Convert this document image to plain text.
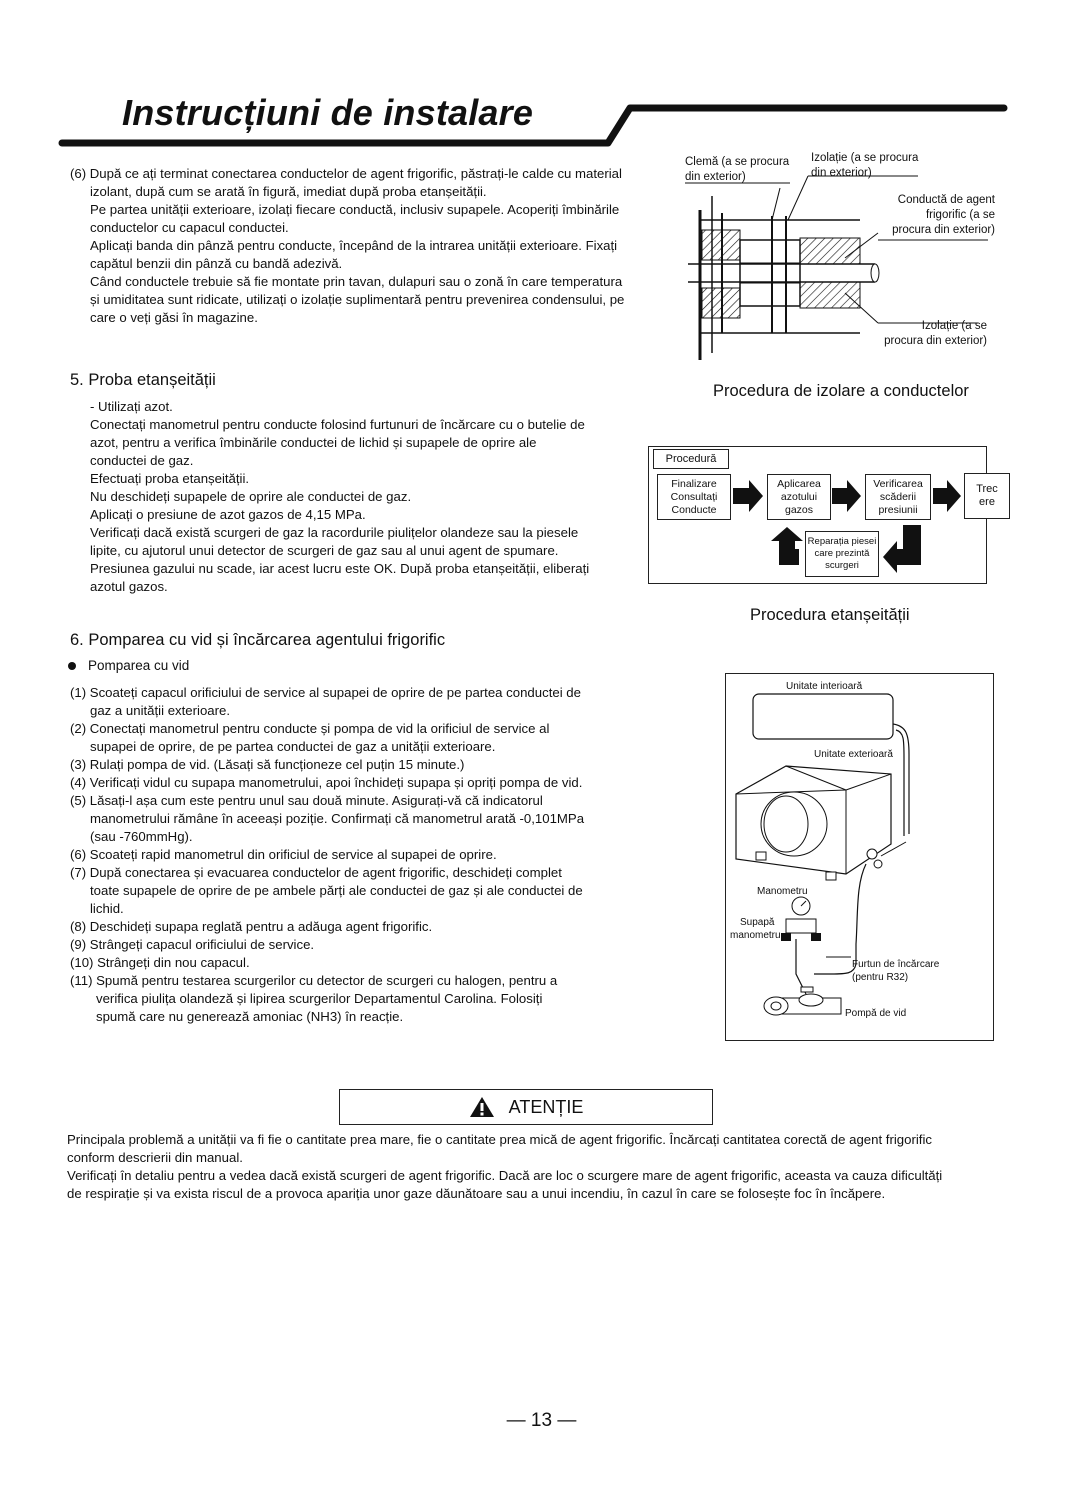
Instrucțiuni de instalare

(6) După ce ați terminat conectarea conductelor de agent frigorific, păstrați-le calde cu material

izolant, după cum se arată în figură, imediat după proba etanșeității.

Pe partea unității exterioare, izolați fiecare conductă, inclusiv supapele. Acoperiți îmbinările

conductelor cu capacul conductei.

Aplicați banda din pânză pentru conducte, începând de la intrarea unității exterioare. Fixați

capătul benzii din pânză cu bandă adezivă.

Când conductele trebuie să fie montate prin tavan, dulapuri sau o zonă în care temperatura

și umiditatea sunt ridicate, utilizați o izolație suplimentară pentru prevenirea condensului, pe

care o veți găsi în magazine.

Clemă (a se procura
din exterior)
Izolație (a se procura
din exterior)
Conductă de agent
frigorific (a se
procura din exterior)
Izolație (a se
procura din exterior)
Procedura de izolare a conductelor
5. Proba etanșeității

- Utilizați azot.

Conectați manometrul pentru conducte folosind furtunuri de încărcare cu o butelie de

azot, pentru a verifica îmbinările conductei de lichid și supapele de oprire ale

conductei de gaz.

Efectuați proba etanșeității.

Nu deschideți supapele de oprire ale conductei de gaz.

Aplicați o presiune de azot gazos de 4,15 MPa.

Verificați dacă există scurgeri de gaz la racordurile piulițelor olandeze sau la piesele

lipite, cu ajutorul unui detector de scurgeri de gaz sau al unui agent de spumare.

Presiunea gazului nu scade, iar acest lucru este OK. După proba etanșeității, eliberați

azotul gazos.

Procedură
Finalizare
Consultați
Conducte
Aplicarea
azotului
gazos
Verificarea
scăderii
presiunii
Reparația piesei
care prezintă
scurgeri
Trec
ere
Procedura etanșeității
6. Pomparea cu vid și încărcarea agentului frigorific
Pomparea cu vid

(1) Scoateți capacul orificiului de service al supapei de oprire de pe partea conductei de

gaz a unității exterioare.

(2) Conectați manometrul pentru conducte și pompa de vid la orificiul de service al

supapei de oprire, de pe partea conductei de gaz a unității exterioare.

(3) Rulați pompa de vid. (Lăsați să funcționeze cel puțin 15 minute.)

(4) Verificați vidul cu supapa manometrului, apoi închideți supapa și opriți pompa de vid.

(5) Lăsați-l așa cum este pentru unul sau două minute. Asigurați-vă că indicatorul

manometrului rămâne în aceeași poziție. Confirmați că manometrul arată -0,101MPa

(sau -760mmHg).

(6) Scoateți rapid manometrul din orificiul de service al supapei de oprire.

(7) După conectarea și evacuarea conductelor de agent frigorific, deschideți complet

toate supapele de oprire de pe ambele părți ale conductei de gaz și ale conductei de

lichid.

(8) Deschideți supapa reglată pentru a adăuga agent frigorific.

(9) Strângeți capacul orificiului de service.

(10) Strângeți din nou capacul.

(11) Spumă pentru testarea scurgerilor cu detector de scurgeri cu halogen, pentru a

verifica piulița olandeză și lipirea scurgerilor Departamentul Carolina. Folosiți

spumă care nu generează amoniac (NH3) în reacție.

Unitate interioară
Unitate exterioară
Manometru
Supapă
manometru
Furtun de încărcare
(pentru R32)
Pompă de vid
ATENȚIE

Principala problemă a unității va fi fie o cantitate prea mare, fie o cantitate prea mică de agent frigorific. Încărcați cantitatea corectă de agent frigorific

conform descrierii din manual.

Verificați în detaliu pentru a vedea dacă există scurgeri de agent frigorific. Dacă are loc o scurgere mare de agent frigorific, aceasta va cauza dificultăți

de respirație și va exista riscul de a provoca apariția unor gaze dăunătoare sau a unui incendiu, în cazul în care se folosește foc în încăpere.

— 13 —
